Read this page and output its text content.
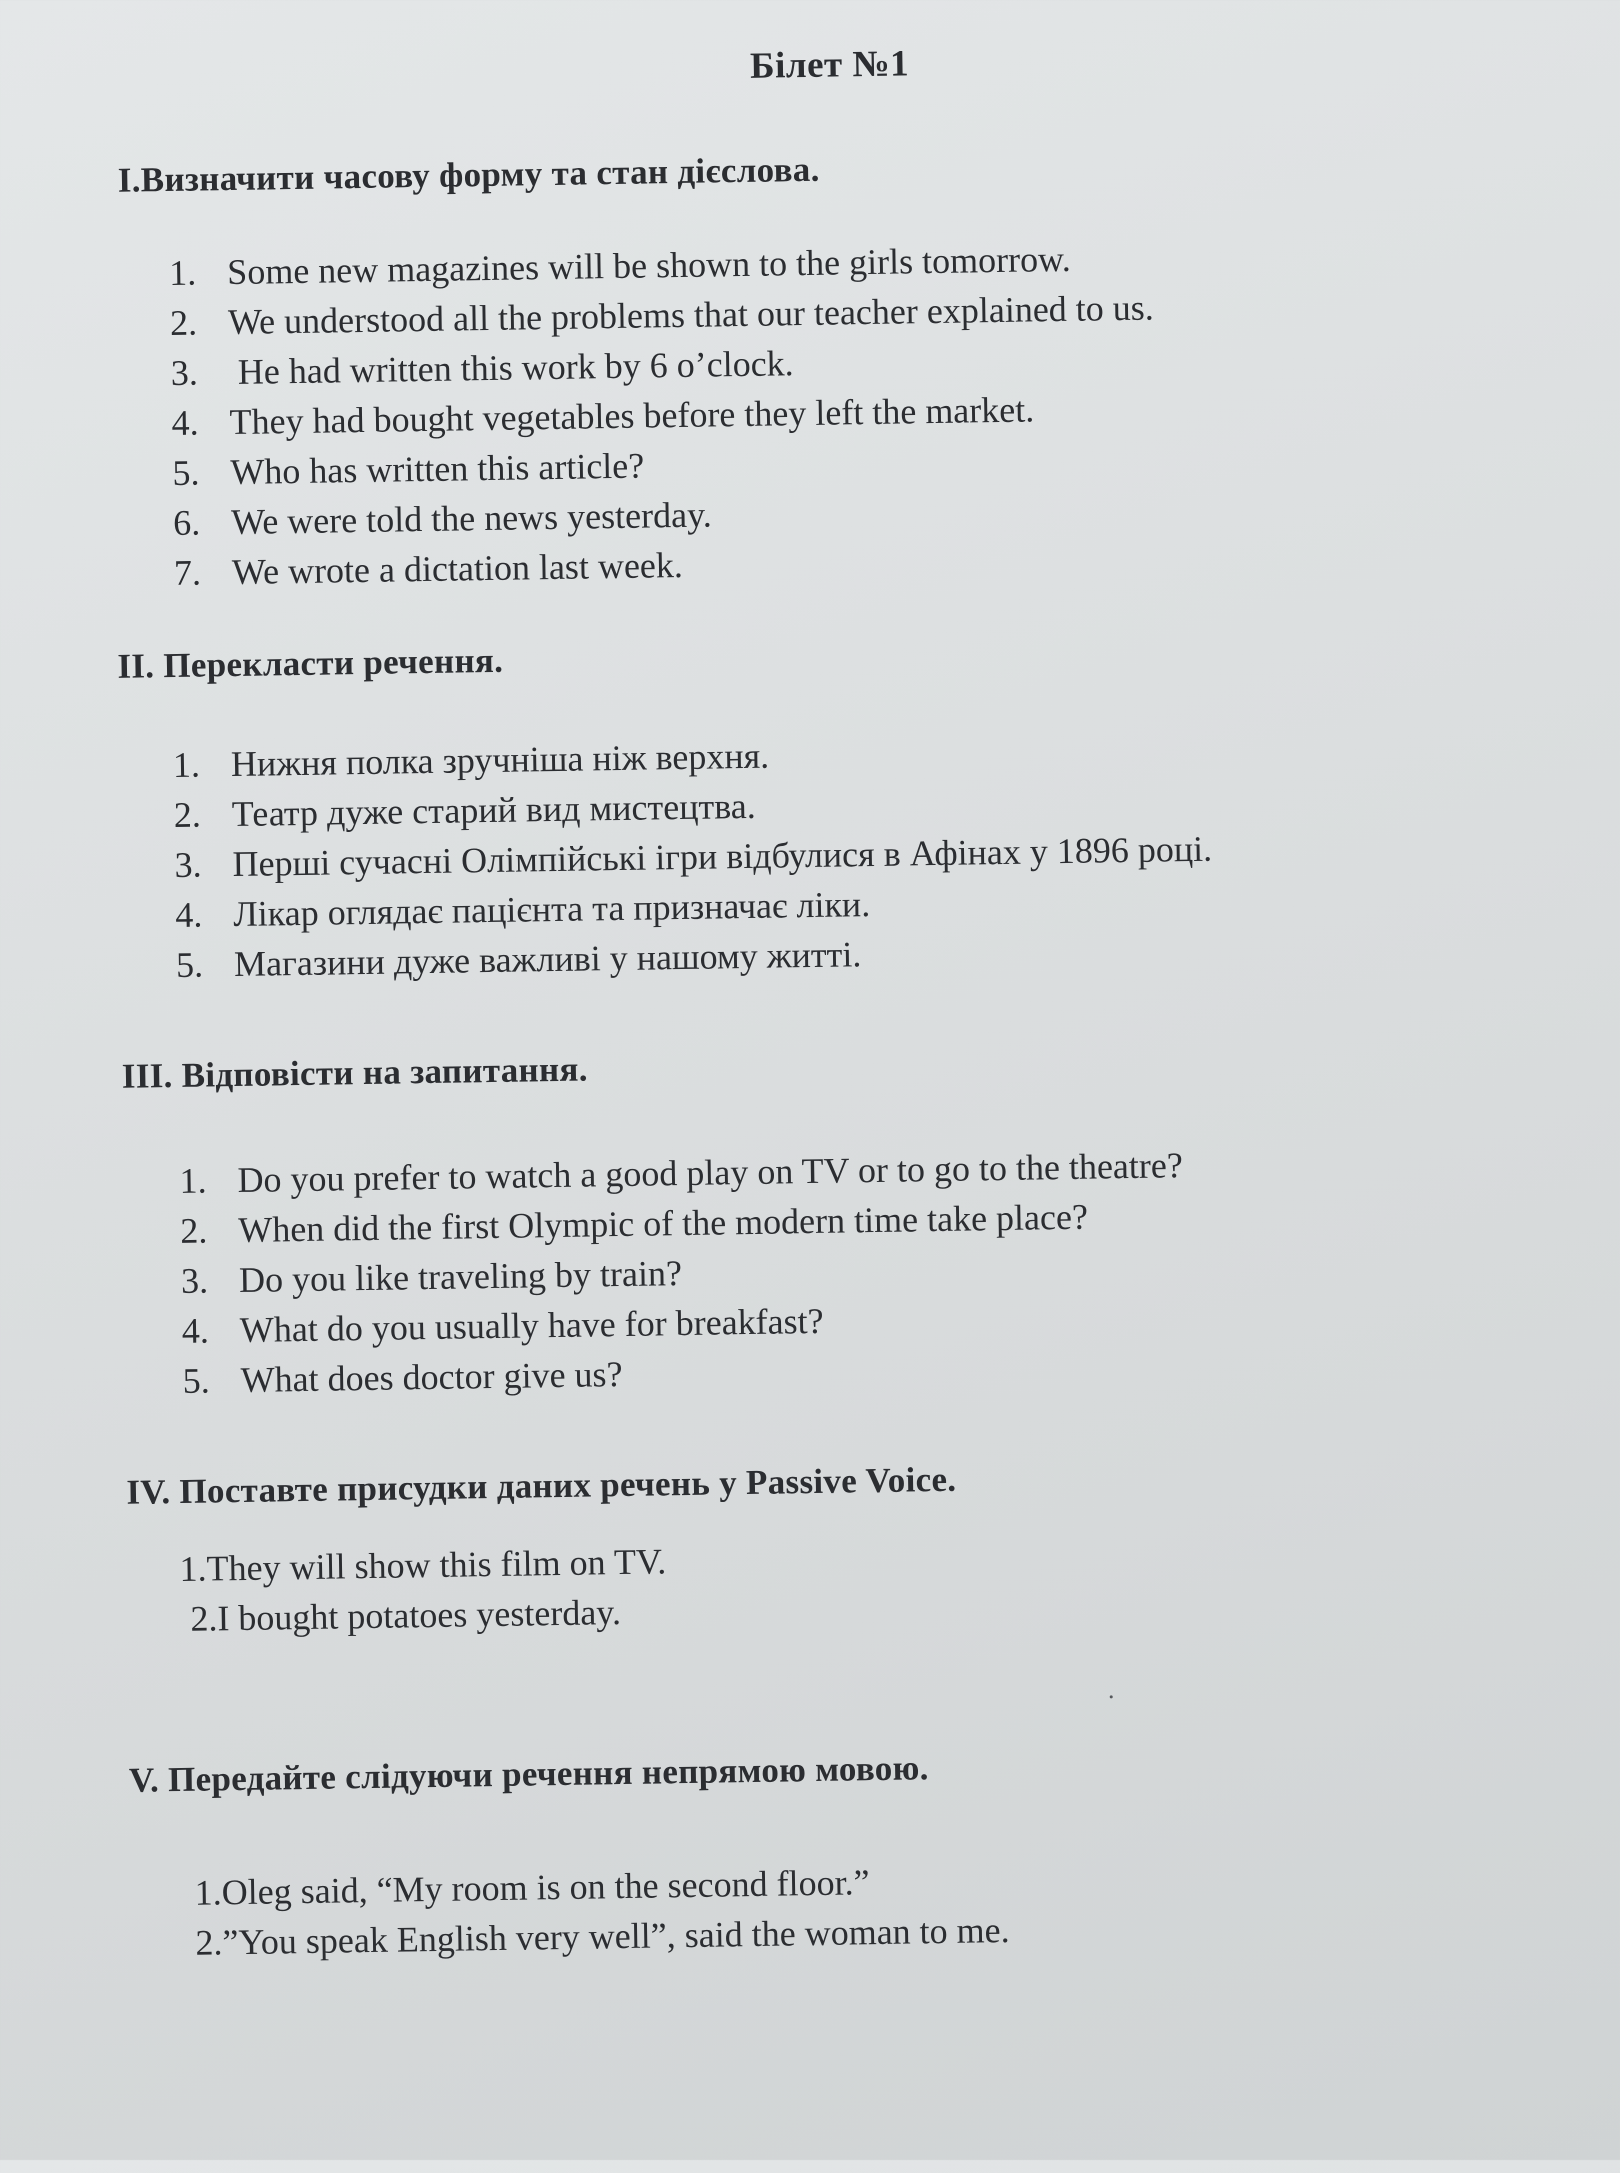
Білет №1
I.Визначити часову форму та стан дієслова.
1. Some new magazines will be shown to the girls tomorrow.
2. We understood all the problems that our teacher explained to us.
3. He had written this work by 6 o’clock.
4. They had bought vegetables before they left the market.
5. Who has written this article?
6. We were told the news yesterday.
7. We wrote a dictation last week.
II. Перекласти речення.
1. Нижня полка зручніша ніж верхня.
2. Театр дуже старий вид мистецтва.
3. Перші сучасні Олімпійські ігри відбулися в Афінах у 1896 році.
4. Лікар оглядає пацієнта та призначає ліки.
5. Магазини дуже важливі у нашому житті.
III. Відповісти на запитання.
1. Do you prefer to watch a good play on TV or to go to the theatre?
2. When did the first Olympic of the modern time take place?
3. Do you like traveling by train?
4. What do you usually have for breakfast?
5. What does doctor give us?
IV. Поставте присудки даних речень у Passive Voice.
1.They will show this film on TV.
2.I bought potatoes yesterday.
V. Передайте слідуючи речення непрямою мовою.
1.Oleg said, “My room is on the second floor.”
2.”You speak English very well”, said the woman to me.
